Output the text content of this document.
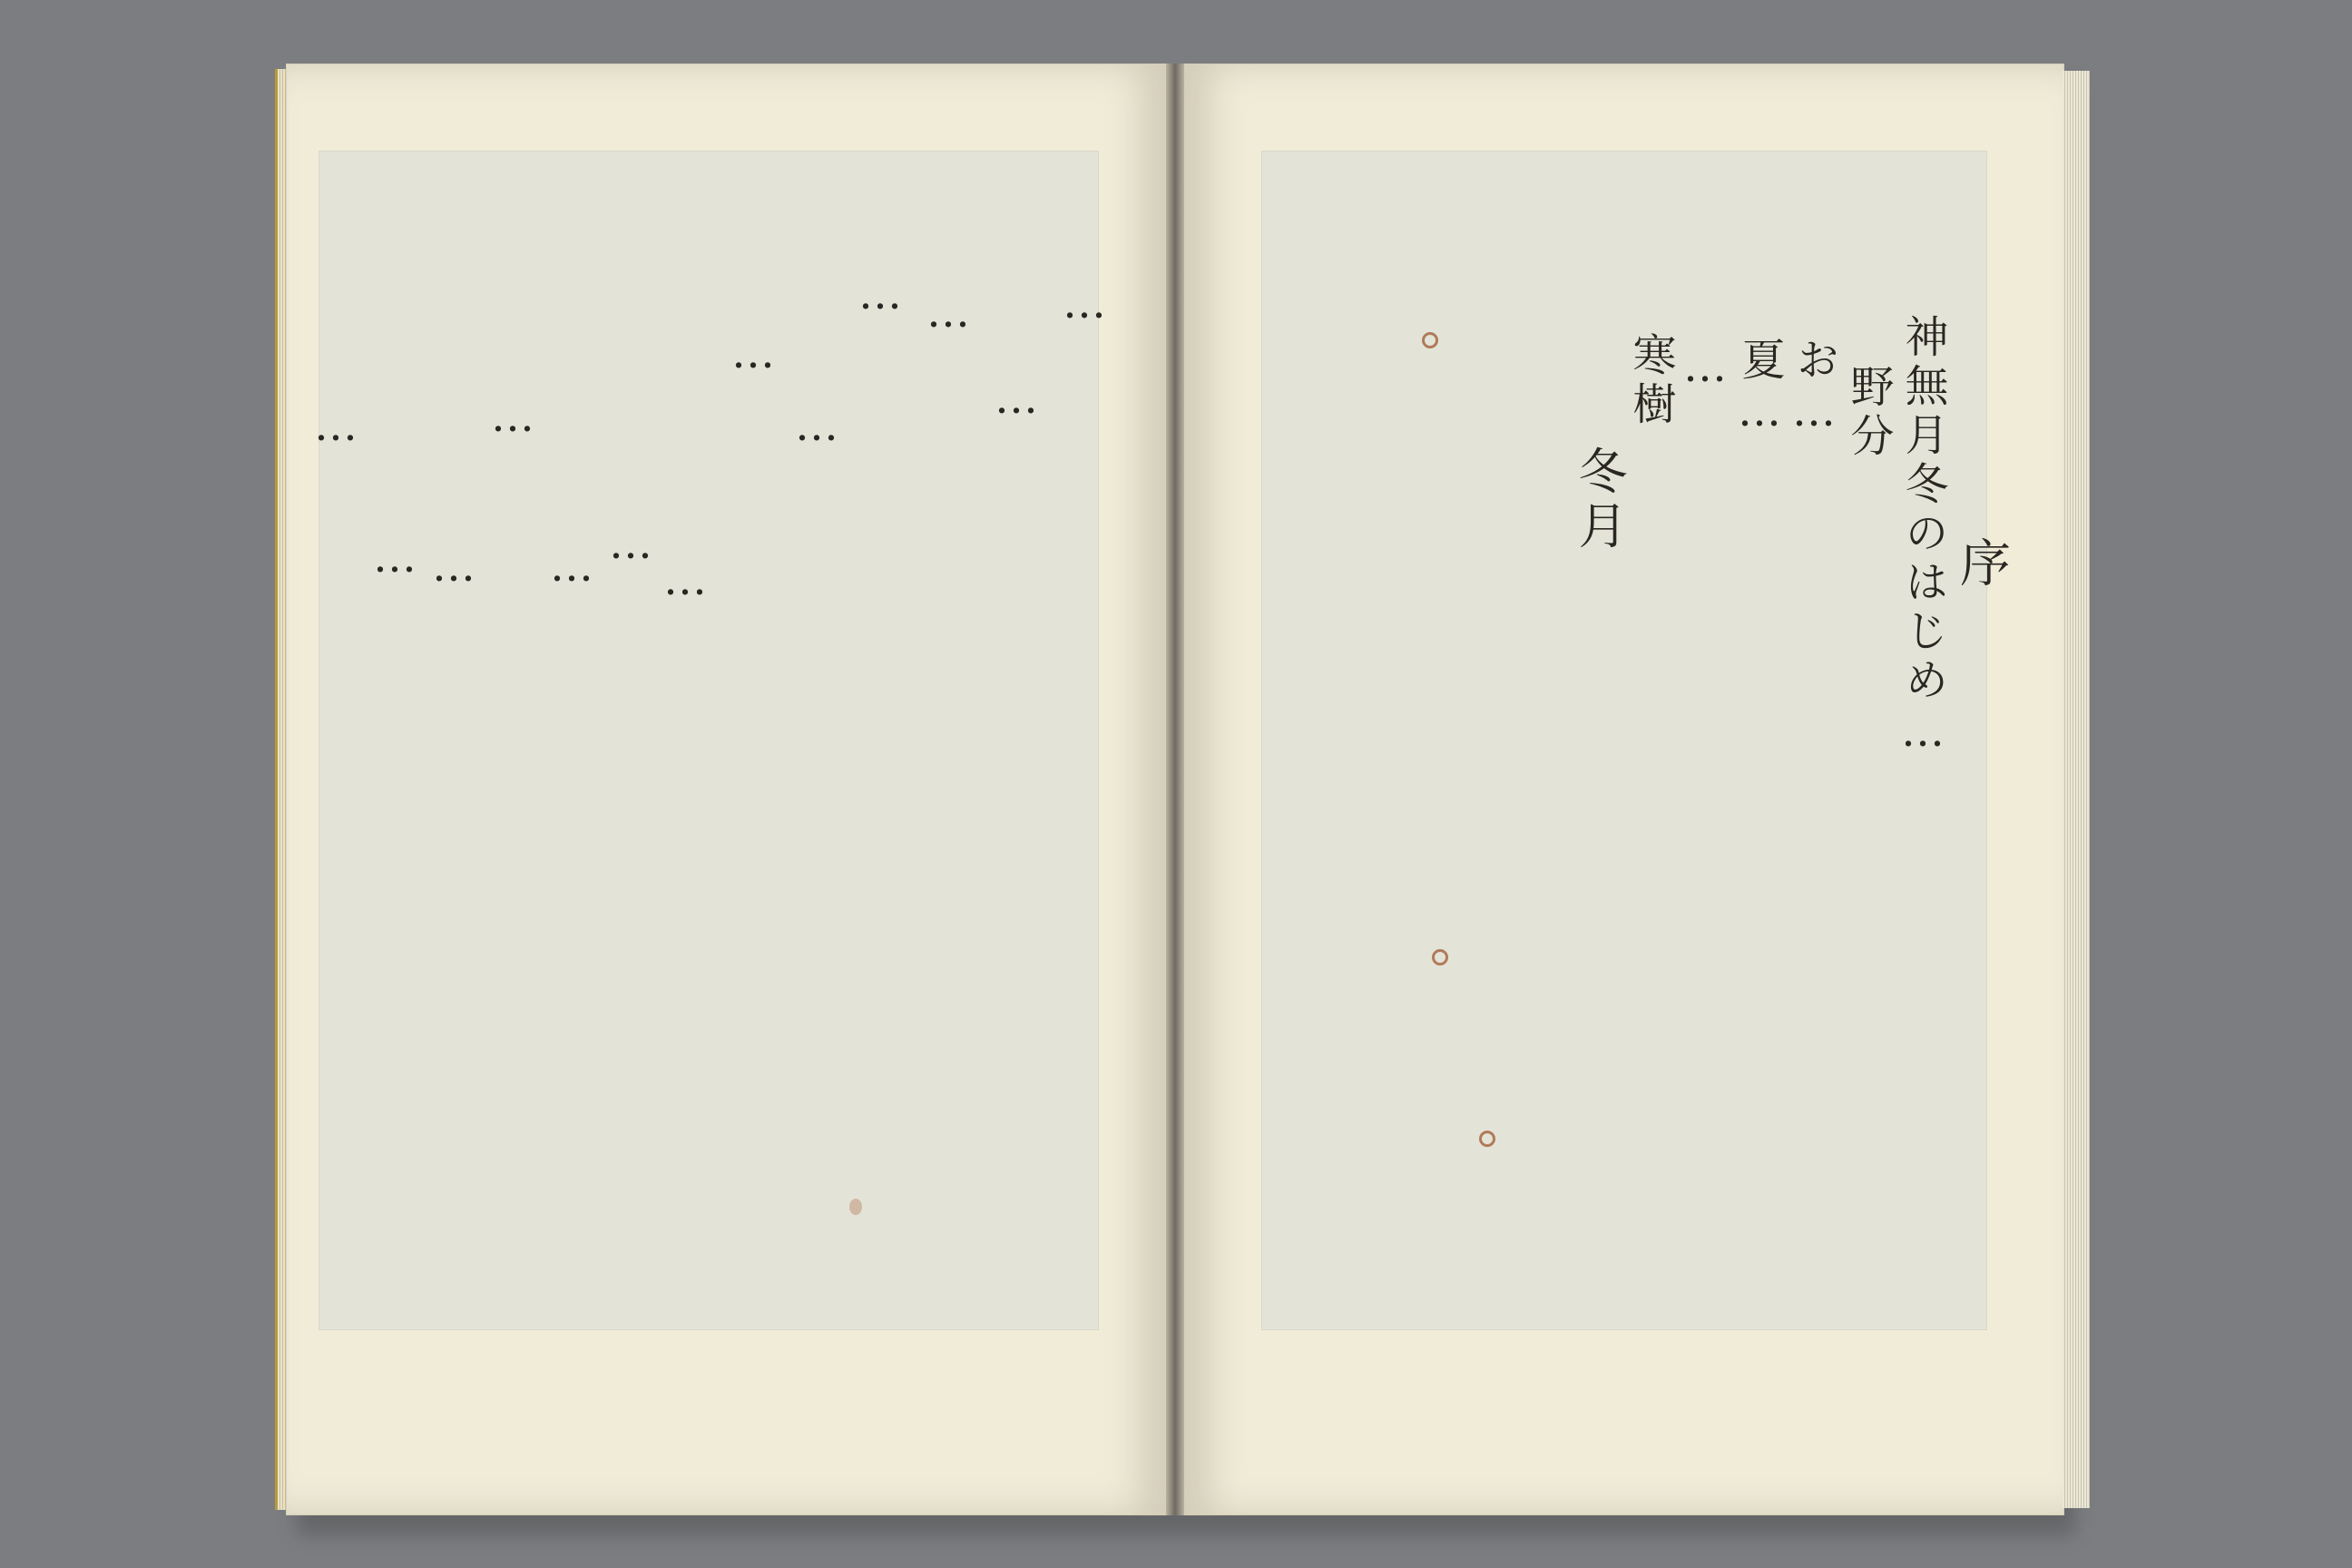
…
…
…
…
…
…
…
…
…
…
…
…
…
序
神無月冬のはじめ…
野分
お…
夏…
…
寒樹
冬月
